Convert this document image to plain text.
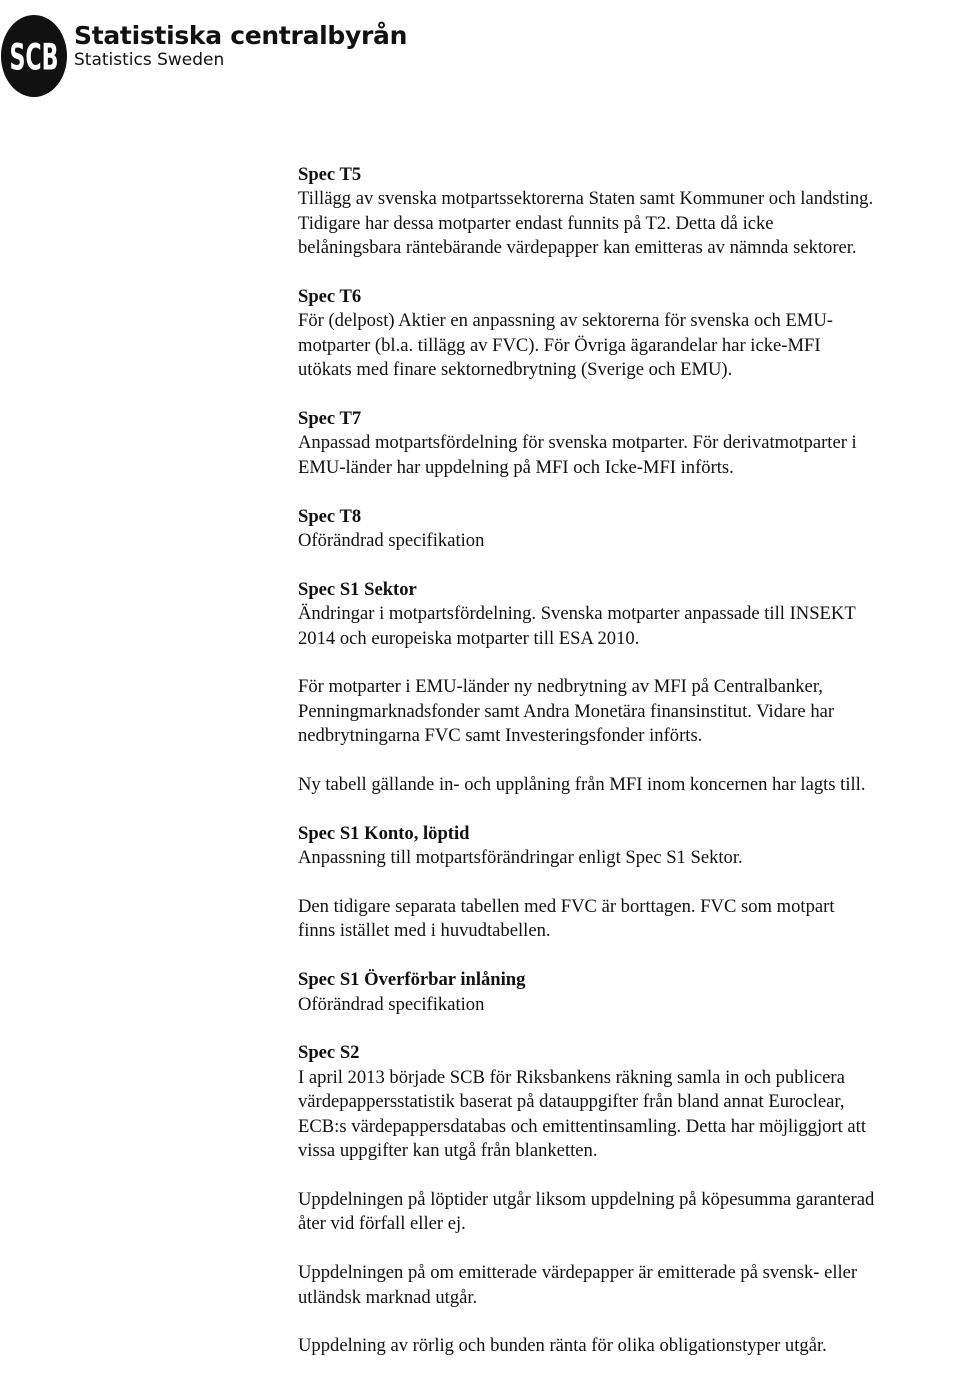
SCB
Statistiska centralbyrån
Statistics Sweden
Spec T5
Tillägg av svenska motpartssektorerna Staten samt Kommuner och landsting.
Tidigare har dessa motparter endast funnits på T2. Detta då icke
belåningsbara räntebärande värdepapper kan emitteras av nämnda sektorer.
Spec T6
För (delpost) Aktier en anpassning av sektorerna för svenska och EMU-
motparter (bl.a. tillägg av FVC). För Övriga ägarandelar har icke-MFI
utökats med finare sektornedbrytning (Sverige och EMU).
Spec T7
Anpassad motpartsfördelning för svenska motparter. För derivatmotparter i
EMU-länder har uppdelning på MFI och Icke-MFI införts.
Spec T8
Oförändrad specifikation
Spec S1 Sektor
Ändringar i motpartsfördelning. Svenska motparter anpassade till INSEKT
2014 och europeiska motparter till ESA 2010.
För motparter i EMU-länder ny nedbrytning av MFI på Centralbanker,
Penningmarknadsfonder samt Andra Monetära finansinstitut. Vidare har
nedbrytningarna FVC samt Investeringsfonder införts.
Ny tabell gällande in- och upplåning från MFI inom koncernen har lagts till.
Spec S1 Konto, löptid
Anpassning till motpartsförändringar enligt Spec S1 Sektor.
Den tidigare separata tabellen med FVC är borttagen. FVC som motpart
finns istället med i huvudtabellen.
Spec S1 Överförbar inlåning
Oförändrad specifikation
Spec S2
I april 2013 började SCB för Riksbankens räkning samla in och publicera
värdepappersstatistik baserat på datauppgifter från bland annat Euroclear,
ECB:s värdepappersdatabas och emittentinsamling. Detta har möjliggjort att
vissa uppgifter kan utgå från blanketten.
Uppdelningen på löptider utgår liksom uppdelning på köpesumma garanterad
åter vid förfall eller ej.
Uppdelningen på om emitterade värdepapper är emitterade på svensk- eller
utländsk marknad utgår.
Uppdelning av rörlig och bunden ränta för olika obligationstyper utgår.
